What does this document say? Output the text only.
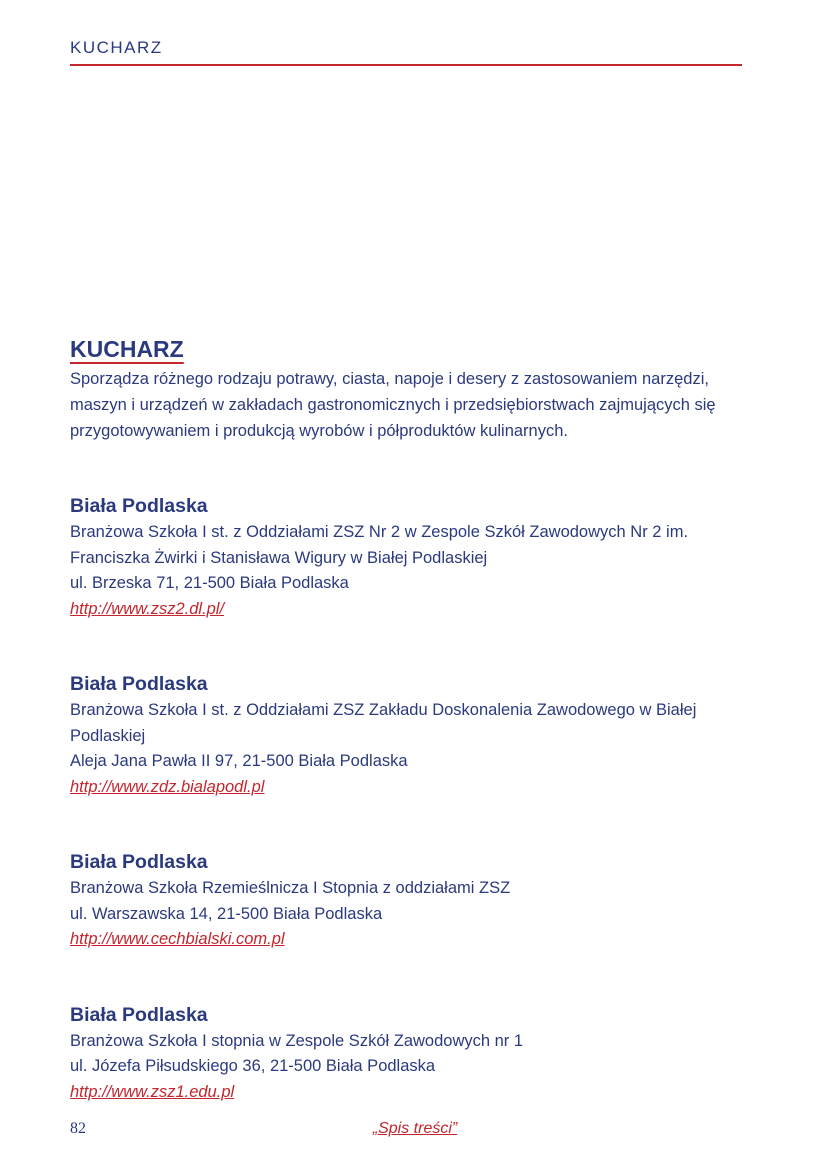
KUCHARZ
KUCHARZ

Sporządza różnego rodzaju potrawy, ciasta, napoje i desery z zastosowaniem narzędzi, maszyn i urządzeń w zakładach gastronomicznych i przedsiębiorstwach zajmujących się przygotowywaniem i produkcją wyrobów i półproduktów kulinarnych.

Biała Podlaska
Branżowa Szkoła I st. z Oddziałami ZSZ Nr 2 w Zespole Szkół Zawodowych Nr 2 im. Franciszka Żwirki i Stanisława Wigury w Białej Podlaskiej
ul. Brzeska 71, 21-500 Biała Podlaska
http://www.zsz2.dl.pl/
Biała Podlaska
Branżowa Szkoła I st. z Oddziałami ZSZ Zakładu Doskonalenia Zawodowego w Białej Podlaskiej
Aleja Jana Pawła II 97, 21-500 Biała Podlaska
http://www.zdz.bialapodl.pl
Biała Podlaska
Branżowa Szkoła Rzemieślnicza I Stopnia z oddziałami ZSZ
ul. Warszawska 14, 21-500 Biała Podlaska
http://www.cechbialski.com.pl
Biała Podlaska
Branżowa Szkoła I stopnia w Zespole Szkół Zawodowych nr 1
ul. Józefa Piłsudskiego 36, 21-500 Biała Podlaska
http://www.zsz1.edu.pl
82	„Spis treści”
